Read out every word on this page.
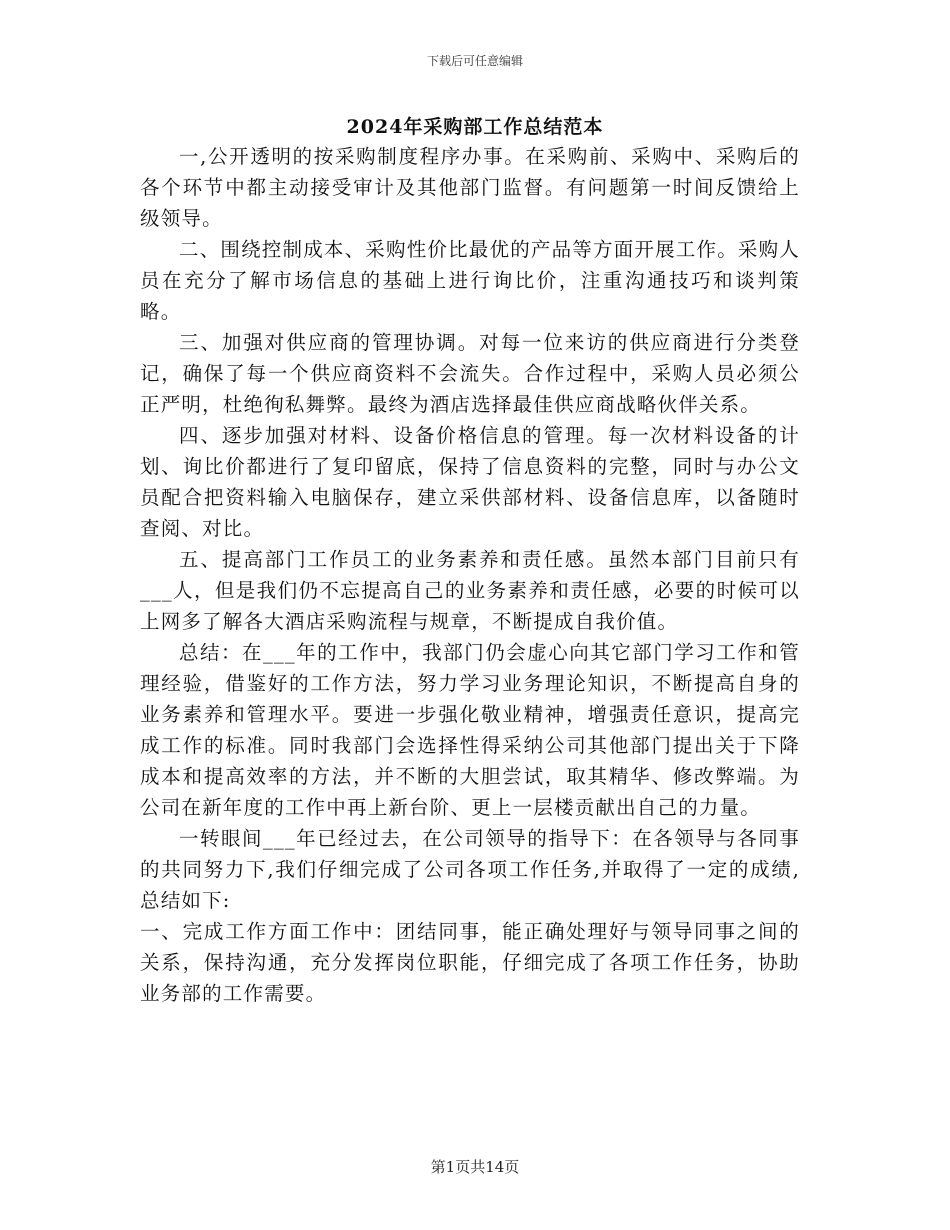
下载后可任意编辑
2024年采购部工作总结范本

一,公开透明的按采购制度程序办事。在采购前、采购中、采购后的各个环节中都主动接受审计及其他部门监督。有问题第一时间反馈给上级领导。

二、围绕控制成本、采购性价比最优的产品等方面开展工作。采购人员在充分了解市场信息的基础上进行询比价，注重沟通技巧和谈判策略。

三、加强对供应商的管理协调。对每一位来访的供应商进行分类登记，确保了每一个供应商资料不会流失。合作过程中，采购人员必须公正严明，杜绝徇私舞弊。最终为酒店选择最佳供应商战略伙伴关系。

四、逐步加强对材料、设备价格信息的管理。每一次材料设备的计划、询比价都进行了复印留底，保持了信息资料的完整，同时与办公文员配合把资料输入电脑保存，建立采供部材料、设备信息库，以备随时查阅、对比。

五、提高部门工作员工的业务素养和责任感。虽然本部门目前只有___人，但是我们仍不忘提高自己的业务素养和责任感，必要的时候可以上网多了解各大酒店采购流程与规章，不断提成自我价值。

总结：在___年的工作中，我部门仍会虚心向其它部门学习工作和管理经验，借鉴好的工作方法，努力学习业务理论知识，不断提高自身的业务素养和管理水平。要进一步强化敬业精神，增强责任意识，提高完成工作的标准。同时我部门会选择性得采纳公司其他部门提出关于下降成本和提高效率的方法，并不断的大胆尝试，取其精华、修改弊端。为公司在新年度的工作中再上新台阶、更上一层楼贡献出自己的力量。

一转眼间___年已经过去，在公司领导的指导下：在各领导与各同事的共同努力下,我们仔细完成了公司各项工作任务,并取得了一定的成绩,总结如下:

一、完成工作方面工作中：团结同事，能正确处理好与领导同事之间的关系，保持沟通，充分发挥岗位职能，仔细完成了各项工作任务，协助业务部的工作需要。

第1页共14页
